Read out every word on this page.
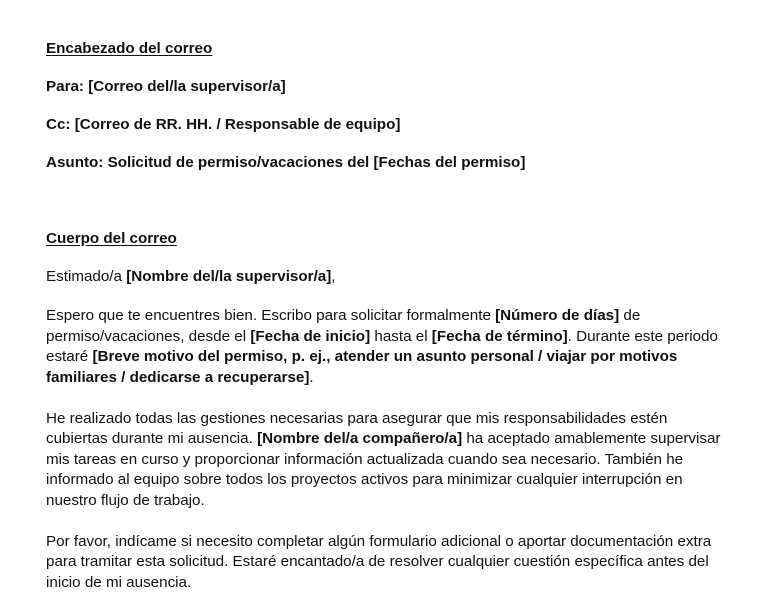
Encabezado del correo

Para: [Correo del/la supervisor/a]

Cc: [Correo de RR. HH. / Responsable de equipo]

Asunto: Solicitud de permiso/vacaciones del [Fechas del permiso]

Cuerpo del correo

Estimado/a [Nombre del/la supervisor/a],

Espero que te encuentres bien. Escribo para solicitar formalmente [Número de días] de permiso/vacaciones, desde el [Fecha de inicio] hasta el [Fecha de término]. Durante este periodo estaré [Breve motivo del permiso, p. ej., atender un asunto personal / viajar por motivos familiares / dedicarse a recuperarse].

He realizado todas las gestiones necesarias para asegurar que mis responsabilidades estén cubiertas durante mi ausencia. [Nombre del/a compañero/a] ha aceptado amablemente supervisar mis tareas en curso y proporcionar información actualizada cuando sea necesario. También he informado al equipo sobre todos los proyectos activos para minimizar cualquier interrupción en nuestro flujo de trabajo.

Por favor, indícame si necesito completar algún formulario adicional o aportar documentación extra para tramitar esta solicitud. Estaré encantado/a de resolver cualquier cuestión específica antes del inicio de mi ausencia.
